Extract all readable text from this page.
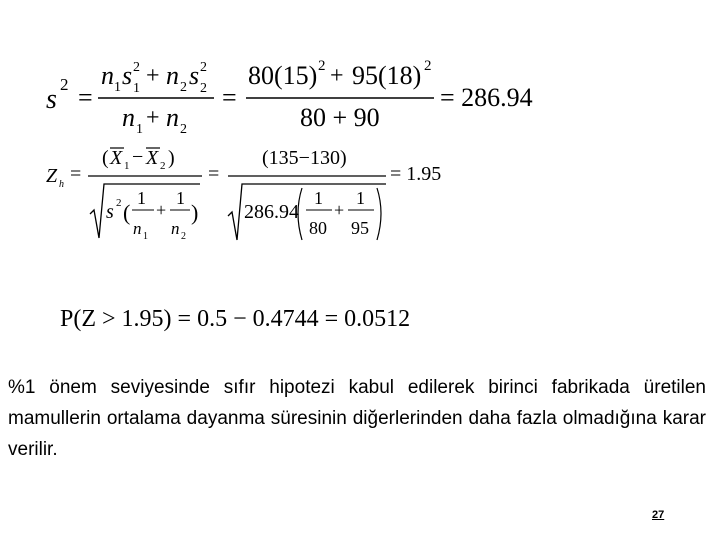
s 2 =
n 1 s 2
1 + n 2 s 2
2
n 1 + n 2
=
80(15) 2 + 95(18) 2
80 + 90
= 286.94
Z h =
( X 1 − X 2 )
s 2 (
1
n 1
+
1
n 2
)
=
(135−130)
286.94
1
80
+
1
95
= 1.95
P(Z > 1.95) = 0.5 − 0.4744 = 0.0512

%1 önem seviyesinde sıfır hipotezi kabul edilerek birinci fabrikada üretilen mamullerin ortalama dayanma süresinin diğerlerinden daha fazla olmadığına karar verilir.

27
